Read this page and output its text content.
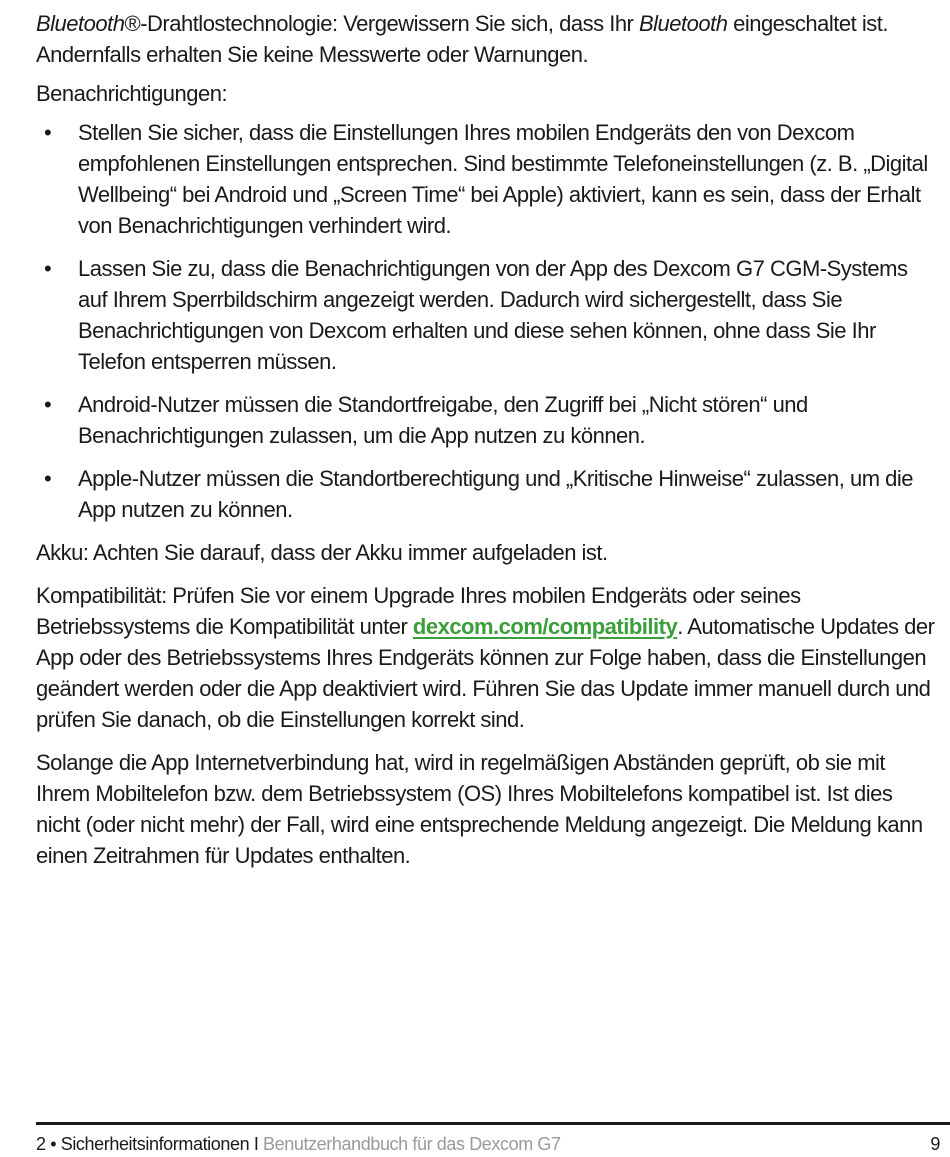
Bluetooth®-Drahtlostechnologie: Vergewissern Sie sich, dass Ihr Bluetooth eingeschaltet ist. Andernfalls erhalten Sie keine Messwerte oder Warnungen.

Benachrichtigungen:

• Stellen Sie sicher, dass die Einstellungen Ihres mobilen Endgeräts den von Dexcom empfohlenen Einstellungen entsprechen. Sind bestimmte Telefoneinstellungen (z. B. „Digital Wellbeing“ bei Android und „Screen Time“ bei Apple) aktiviert, kann es sein, dass der Erhalt von Benachrichtigungen verhindert wird.
• Lassen Sie zu, dass die Benachrichtigungen von der App des Dexcom G7 CGM-Systems auf Ihrem Sperrbildschirm angezeigt werden. Dadurch wird sichergestellt, dass Sie Benachrichtigungen von Dexcom erhalten und diese sehen können, ohne dass Sie Ihr Telefon entsperren müssen.
• Android-Nutzer müssen die Standortfreigabe, den Zugriff bei „Nicht stören“ und Benachrichtigungen zulassen, um die App nutzen zu können.
• Apple-Nutzer müssen die Standortberechtigung und „Kritische Hinweise“ zulassen, um die App nutzen zu können.

Akku: Achten Sie darauf, dass der Akku immer aufgeladen ist.

Kompatibilität: Prüfen Sie vor einem Upgrade Ihres mobilen Endgeräts oder seines Betriebssystems die Kompatibilität unter dexcom.com/compatibility. Automatische Updates der App oder des Betriebssystems Ihres Endgeräts können zur Folge haben, dass die Einstellungen geändert werden oder die App deaktiviert wird. Führen Sie das Update immer manuell durch und prüfen Sie danach, ob die Einstellungen korrekt sind.

Solange die App Internetverbindung hat, wird in regelmäßigen Abständen geprüft, ob sie mit Ihrem Mobiltelefon bzw. dem Betriebssystem (OS) Ihres Mobiltelefons kompatibel ist. Ist dies nicht (oder nicht mehr) der Fall, wird eine entsprechende Meldung angezeigt. Die Meldung kann einen Zeitrahmen für Updates enthalten.

2 • Sicherheitsinformationen I Benutzerhandbuch für das Dexcom G7	9
